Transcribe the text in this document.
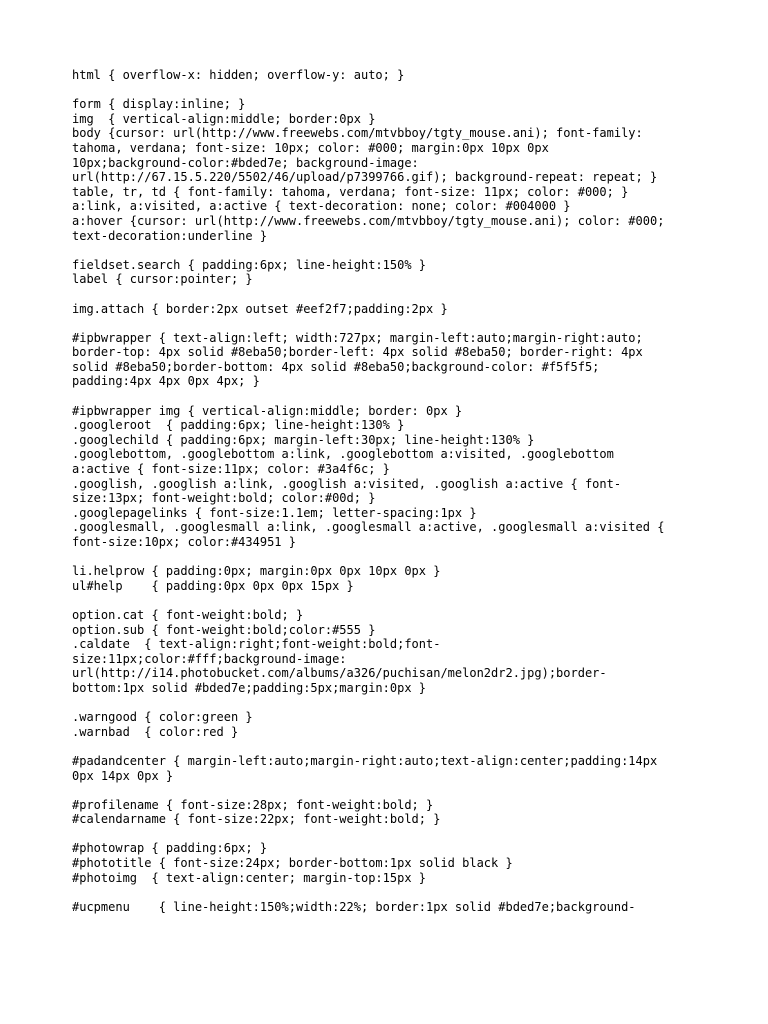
html { overflow-x: hidden; overflow-y: auto; }
form { display:inline; }
img  { vertical-align:middle; border:0px }
body {cursor: url(http://www.freewebs.com/mtvbboy/tgty_mouse.ani); font-family:
tahoma, verdana; font-size: 10px; color: #000; margin:0px 10px 0px
10px;background-color:#bded7e; background-image:
url(http://67.15.5.220/5502/46/upload/p7399766.gif); background-repeat: repeat; }
table, tr, td { font-family: tahoma, verdana; font-size: 11px; color: #000; }
a:link, a:visited, a:active { text-decoration: none; color: #004000 }
a:hover {cursor: url(http://www.freewebs.com/mtvbboy/tgty_mouse.ani); color: #000;
text-decoration:underline }
fieldset.search { padding:6px; line-height:150% }
label { cursor:pointer; }
img.attach { border:2px outset #eef2f7;padding:2px }
#ipbwrapper { text-align:left; width:727px; margin-left:auto;margin-right:auto;
border-top: 4px solid #8eba50;border-left: 4px solid #8eba50; border-right: 4px
solid #8eba50;border-bottom: 4px solid #8eba50;background-color: #f5f5f5;
padding:4px 4px 0px 4px; }
#ipbwrapper img { vertical-align:middle; border: 0px }
.googleroot  { padding:6px; line-height:130% }
.googlechild { padding:6px; margin-left:30px; line-height:130% }
.googlebottom, .googlebottom a:link, .googlebottom a:visited, .googlebottom
a:active { font-size:11px; color: #3a4f6c; }
.googlish, .googlish a:link, .googlish a:visited, .googlish a:active { font-
size:13px; font-weight:bold; color:#00d; }
.googlepagelinks { font-size:1.1em; letter-spacing:1px }
.googlesmall, .googlesmall a:link, .googlesmall a:active, .googlesmall a:visited {
font-size:10px; color:#434951 }
li.helprow { padding:0px; margin:0px 0px 10px 0px }
ul#help    { padding:0px 0px 0px 15px }
option.cat { font-weight:bold; }
option.sub { font-weight:bold;color:#555 }
.caldate  { text-align:right;font-weight:bold;font-
size:11px;color:#fff;background-image:
url(http://i14.photobucket.com/albums/a326/puchisan/melon2dr2.jpg);border-
bottom:1px solid #bded7e;padding:5px;margin:0px }
.warngood { color:green }
.warnbad  { color:red }
#padandcenter { margin-left:auto;margin-right:auto;text-align:center;padding:14px
0px 14px 0px }
#profilename { font-size:28px; font-weight:bold; }
#calendarname { font-size:22px; font-weight:bold; }
#photowrap { padding:6px; }
#phototitle { font-size:24px; border-bottom:1px solid black }
#photoimg  { text-align:center; margin-top:15px }
#ucpmenu    { line-height:150%;width:22%; border:1px solid #bded7e;background-
